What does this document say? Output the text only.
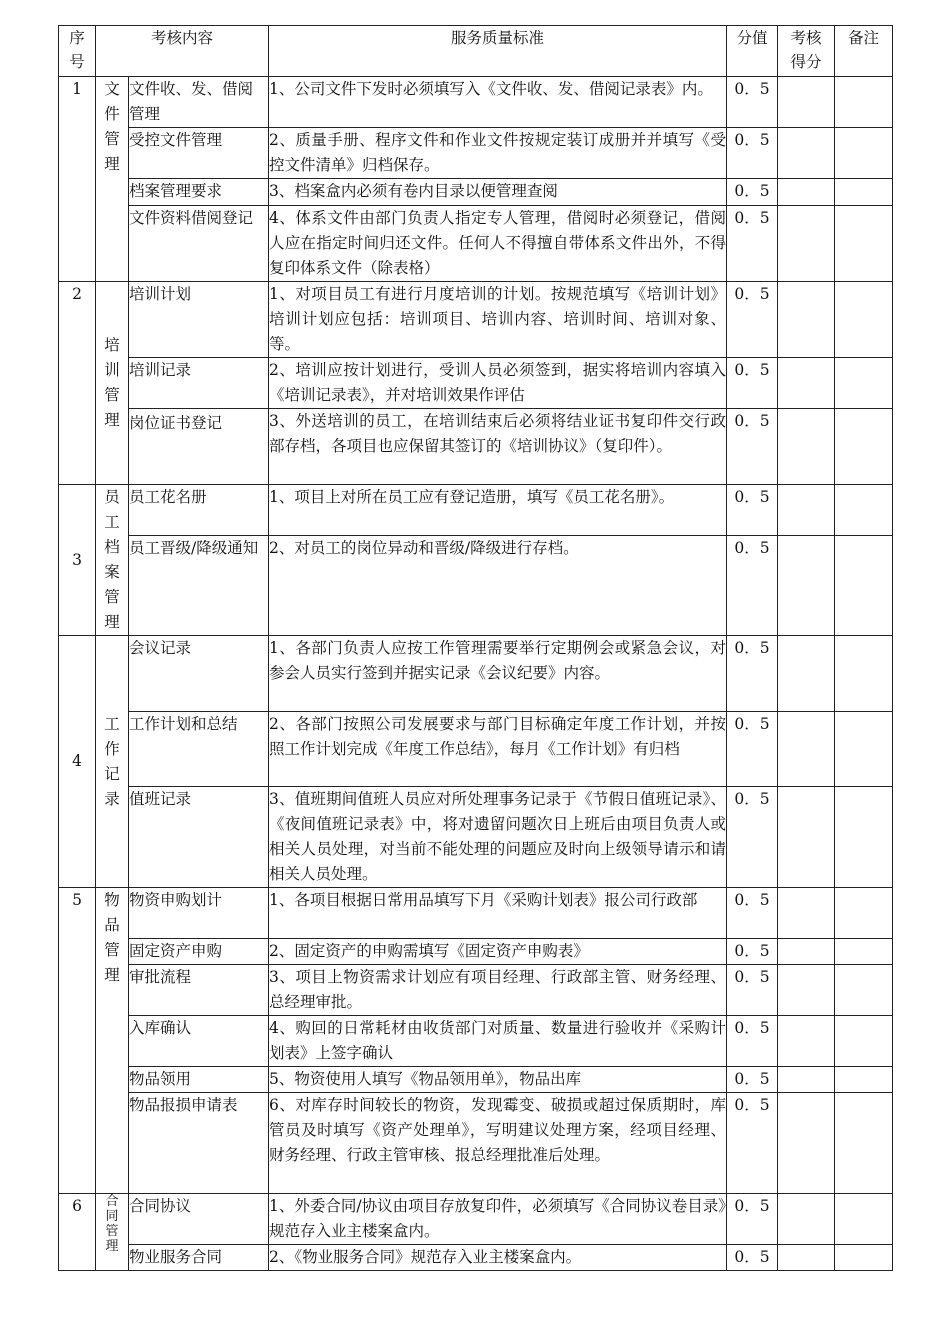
序号	考核内容		服务质量标准	分值	考核得分	备注
1	文件管理	文件收、发、借阅管理	1、公司文件下发时必须填写入《文件收、发、借阅记录表》内。	0．5		
		受控文件管理	2、质量手册、程序文件和作业文件按规定装订成册并并填写《受控文件清单》归档保存。	0．5		
		档案管理要求	3、档案盒内必须有卷内目录以便管理查阅	0．5		
		文件资料借阅登记	4、体系文件由部门负责人指定专人管理，借阅时必须登记，借阅人应在指定时间归还文件。任何人不得擅自带体系文件出外，不得复印体系文件（除表格）	0．5		
2	培训管理	培训计划	1、对项目员工有进行月度培训的计划。按规范填写《培训计划》培训计划应包括：培训项目、培训内容、培训时间、培训对象、等。	0．5		
		培训记录	2、培训应按计划进行，受训人员必须签到，据实将培训内容填入《培训记录表》，并对培训效果作评估	0．5		
		岗位证书登记	3、外送培训的员工，在培训结束后必须将结业证书复印件交行政部存档，各项目也应保留其签订的《培训协议》（复印件）。	0．5		
3	员工档案管理	员工花名册	1、项目上对所在员工应有登记造册，填写《员工花名册》。	0．5		
		员工晋级/降级通知	2、对员工的岗位异动和晋级/降级进行存档。	0．5		
4	工作记录	会议记录	1、各部门负责人应按工作管理需要举行定期例会或紧急会议，对参会人员实行签到并据实记录《会议纪要》内容。	0．5		
		工作计划和总结	2、各部门按照公司发展要求与部门目标确定年度工作计划，并按照工作计划完成《年度工作总结》，每月《工作计划》有归档	0．5		
		值班记录	3、值班期间值班人员应对所处理事务记录于《节假日值班记录》、《夜间值班记录表》中，将对遗留问题次日上班后由项目负责人或相关人员处理，对当前不能处理的问题应及时向上级领导请示和请相关人员处理。	0．5		
5	物品管理	物资申购划计	1、各项目根据日常用品填写下月《采购计划表》报公司行政部	0．5		
		固定资产申购	2、固定资产的申购需填写《固定资产申购表》	0．5		
		审批流程	3、项目上物资需求计划应有项目经理、行政部主管、财务经理、总经理审批。	0．5		
		入库确认	4、购回的日常耗材由收货部门对质量、数量进行验收并《采购计划表》上签字确认	0．5		
		物品领用	5、物资使用人填写《物品领用单》，物品出库	0．5		
		物品报损申请表	6、对库存时间较长的物资，发现霉变、破损或超过保质期时，库管员及时填写《资产处理单》，写明建议处理方案，经项目经理、财务经理、行政主管审核、报总经理批准后处理。	0．5		
6	合同管理	合同协议	1、外委合同/协议由项目存放复印件，必须填写《合同协议卷目录》规范存入业主楼案盒内。	0．5		
		物业服务合同	2、《物业服务合同》规范存入业主楼案盒内。	0．5		
